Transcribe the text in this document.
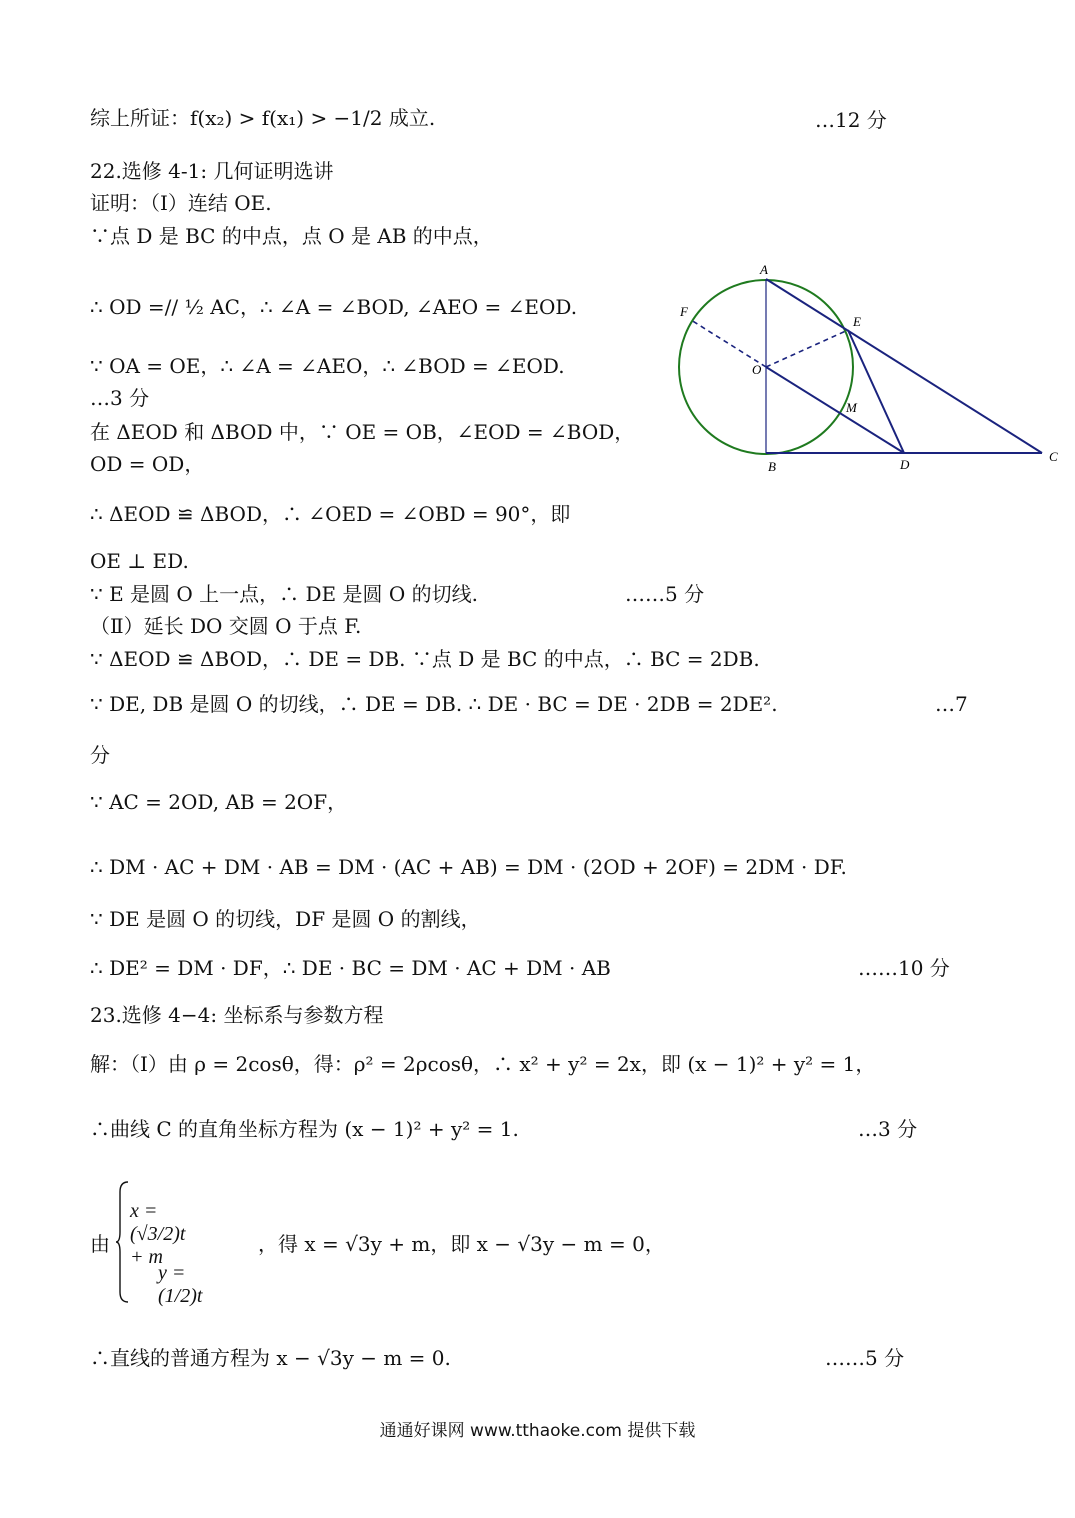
综上所证：f(x₂) > f(x₁) > −1/2 成立.	…12 分
22.选修 4-1: 几何证明选讲
证明：（Ⅰ）连结 OE.
∵点 D 是 BC 的中点，点 O 是 AB 的中点，
∴ OD =// ½ AC，∴ ∠A = ∠BOD, ∠AEO = ∠EOD.
∵ OA = OE，∴ ∠A = ∠AEO，∴ ∠BOD = ∠EOD.
…3 分
在 ΔEOD 和 ΔBOD 中，∵ OE = OB，∠EOD = ∠BOD，
OD = OD，
∴ ΔEOD ≌ ΔBOD，∴ ∠OED = ∠OBD = 90°，即
OE ⊥ ED.
∵ E 是圆 O 上一点，∴ DE 是圆 O 的切线.	……5 分
（Ⅱ）延长 DO 交圆 O 于点 F.
∵ ΔEOD ≌ ΔBOD，∴ DE = DB. ∵点 D 是 BC 的中点，∴ BC = 2DB.
∵ DE, DB 是圆 O 的切线，∴ DE = DB. ∴ DE · BC = DE · 2DB = 2DE².	…7
分
∵ AC = 2OD, AB = 2OF，
∴ DM · AC + DM · AB = DM · (AC + AB) = DM · (2OD + 2OF) = 2DM · DF.
∵ DE 是圆 O 的切线，DF 是圆 O 的割线，
∴ DE² = DM · DF，∴ DE · BC = DM · AC + DM · AB	……10 分
23.选修 4−4: 坐标系与参数方程
解：（Ⅰ）由 ρ = 2cosθ，得：ρ² = 2ρcosθ，∴ x² + y² = 2x，即 (x − 1)² + y² = 1，
∴曲线 C 的直角坐标方程为 (x − 1)² + y² = 1.	…3 分
由
x = (√3/2)t + m
y = (1/2)t
，得 x = √3y + m，即 x − √3y − m = 0，
∴直线的普通方程为 x − √3y − m = 0.	……5 分
A
F
E
O
M
B	D
C
通通好课网 www.tthaoke.com 提供下载
